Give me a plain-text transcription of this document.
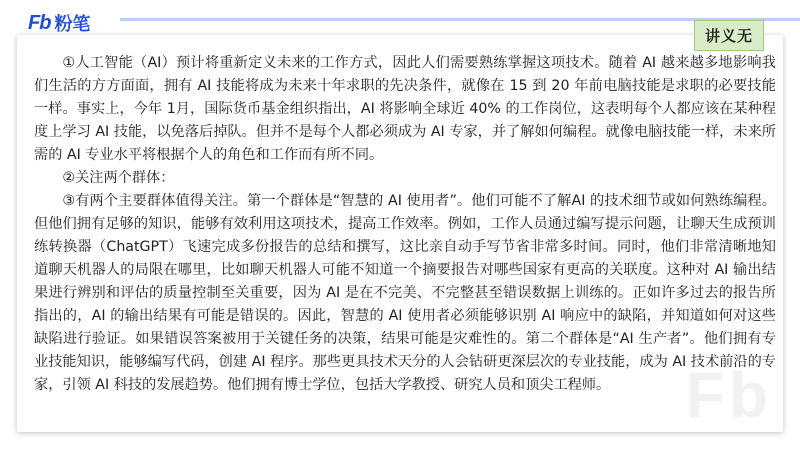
Fb 粉笔
讲义无

①人工智能（AI）预计将重新定义未来的工作方式，因此人们需要熟练掌握这项技术。随着 AI 越来越多地影响我们生活的方方面面，拥有 AI 技能将成为未来十年求职的先决条件，就像在 15 到 20 年前电脑技能是求职的必要技能一样。事实上，今年 1月，国际货币基金组织指出，AI 将影响全球近 40% 的工作岗位，这表明每个人都应该在某种程度上学习 AI 技能，以免落后掉队。但并不是每个人都必须成为 AI 专家，并了解如何编程。就像电脑技能一样，未来所需的 AI 专业水平将根据个人的角色和工作而有所不同。

②关注两个群体：

③有两个主要群体值得关注。第一个群体是“智慧的 AI 使用者”。他们可能不了解AI 的技术细节或如何熟练编程。但他们拥有足够的知识，能够有效利用这项技术，提高工作效率。例如，工作人员通过编写提示问题，让聊天生成预训练转换器（ChatGPT）飞速完成多份报告的总结和撰写，这比亲自动手写节省非常多时间。同时，他们非常清晰地知道聊天机器人的局限在哪里，比如聊天机器人可能不知道一个摘要报告对哪些国家有更高的关联度。这种对 AI 输出结果进行辨别和评估的质量控制至关重要，因为 AI 是在不完美、不完整甚至错误数据上训练的。正如许多过去的报告所指出的，AI 的输出结果有可能是错误的。因此，智慧的 AI 使用者必须能够识别 AI 响应中的缺陷，并知道如何对这些缺陷进行验证。如果错误答案被用于关键任务的决策，结果可能是灾难性的。第二个群体是“AI 生产者”。他们拥有专业技能知识，能够编写代码，创建 AI 程序。那些更具技术天分的人会钻研更深层次的专业技能，成为 AI 技术前沿的专家，引领 AI 科技的发展趋势。他们拥有博士学位，包括大学教授、研究人员和顶尖工程师。	Fb
